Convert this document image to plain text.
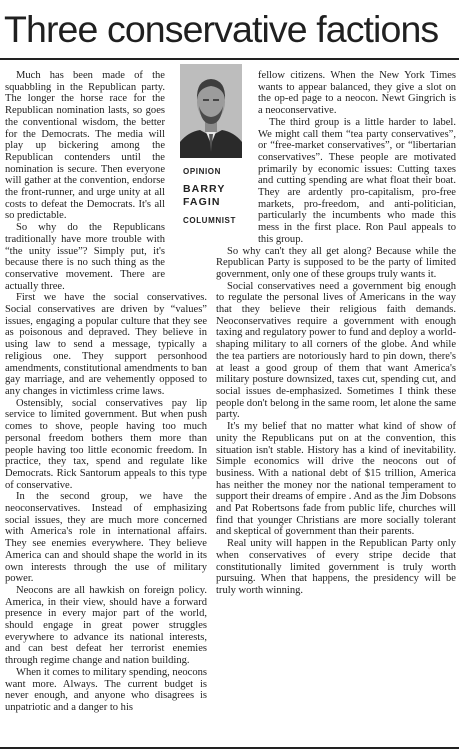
Three conservative factions

Much has been made of the squabbling in the Republican party. The longer the horse race for the Republican nomination lasts, so goes the conventional wisdom, the better for the Democrats. The media will play up bickering among the Republican contenders until the nomination is secure. Then everyone will gather at the convention, endorse the front-runner, and urge unity at all costs to defeat the Democrats. It's all so predictable.

So why do the Republicans traditionally have more trouble with “the unity issue”? Simply put, it's because there is no such thing as the conservative movement. There are actually three.

First we have the social conservatives. Social conservatives are driven by “values” issues, engaging a popular culture that they see as poisonous and depraved. They believe in using law to send a message, typically a religious one. They support personhood amendments, constitutional amendments to ban gay marriage, and are vehemently opposed to any changes in victimless crime laws.

Ostensibly, social conservatives pay lip service to limited government. But when push comes to shove, people having too much personal freedom bothers them more than people having too little economic freedom. In practice, they tax, spend and regulate like Democrats. Rick Santorum appeals to this type of conservative.

In the second group, we have the neoconservatives. Instead of emphasizing social issues, they are much more concerned with America's role in international affairs. They see enemies everywhere. They believe America can and should shape the world in its own interests through the use of military power.

Neocons are all hawkish on foreign policy. America, in their view, should have a forward presence in every major part of the world, should engage in great power struggles everywhere to advance its national interests, and can best defeat her terrorist enemies through regime change and nation building.

When it comes to military spending, neocons want more. Always. The current budget is never enough, and anyone who disagrees is unpatriotic and a danger to his

OPINION
BARRY
FAGIN
COLUMNIST

fellow citizens. When the New York Times wants to appear balanced, they give a slot on the op-ed page to a neocon. Newt Gingrich is a neoconservative.

The third group is a little harder to label. We might call them “tea party conservatives”, or “free-market conservatives”, or “libertarian conservatives”. These people are motivated primarily by economic issues: Cutting taxes and cutting spending are what float their boat. They are ardently pro-capitalism, pro-free markets, pro-freedom, and anti-politician, particularly the incumbents who made this mess in the first place. Ron Paul appeals to this group.

So why can't they all get along? Because while the Republican Party is supposed to be the party of limited government, only one of these groups truly wants it.

Social conservatives need a government big enough to regulate the personal lives of Americans in the way that they believe their religious faith demands. Neoconservatives require a government with enough taxing and regulatory power to fund and deploy a world-shaping military to all corners of the globe. And while the tea partiers are notoriously hard to pin down, there's at least a good group of them that want America's military posture downsized, taxes cut, spending cut, and social issues de-emphasized. Sometimes I think these people don't belong in the same room, let alone the same party.

It's my belief that no matter what kind of show of unity the Republicans put on at the convention, this situation isn't stable. History has a kind of inevitability. Simple economics will drive the neocons out of business. With a national debt of $15 trillion, America has neither the money nor the national temperament to support their dreams of empire . And as the Jim Dobsons and Pat Robertsons fade from public life, churches will find that younger Christians are more socially tolerant and skeptical of government than their parents.

Real unity will happen in the Republican Party only when conservatives of every stripe decide that constitutionally limited government is truly worth pursuing. When that happens, the presidency will be truly worth winning.
